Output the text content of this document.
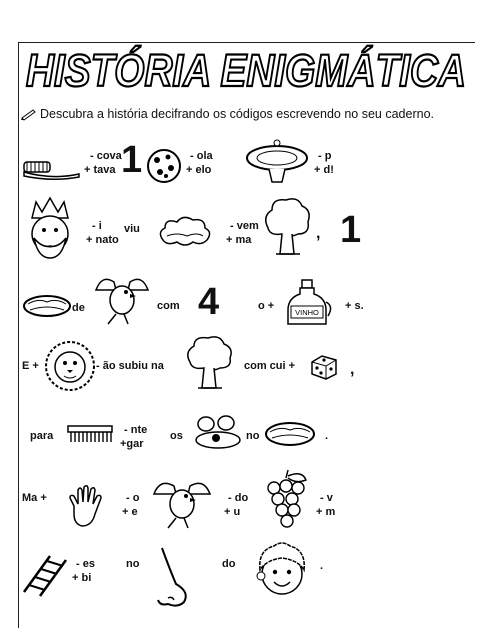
HISTÓRIA ENIGMÁTICA
Descubra a história decifrando os códigos escrevendo no seu caderno.
- cova
+ tava 1	- ola
+ elo
- p
+ d!
- i
+ nato
viu	- vem
+ ma	, 1
de	com 4	o +
VINHO
+ s.
E +	- ão subiu na	com cui +	,
para	- nte
+gar
os	no	.
Ma +	- o
+ e
- do
+ u
- v
+ m
- es
+ bi
no	do	.
